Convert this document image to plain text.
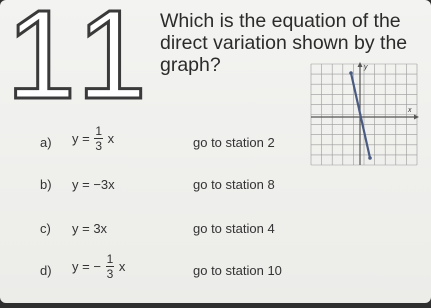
11 Which is the equation of the direct variation shown by the graph?	y
x
a) $y = \frac{1}{3}$ x	go to station 2
b) y = −3x	go to station 8
c) y = 3x	go to station 4
d) y = − $\frac{1}{3}$ x	go to station 10
